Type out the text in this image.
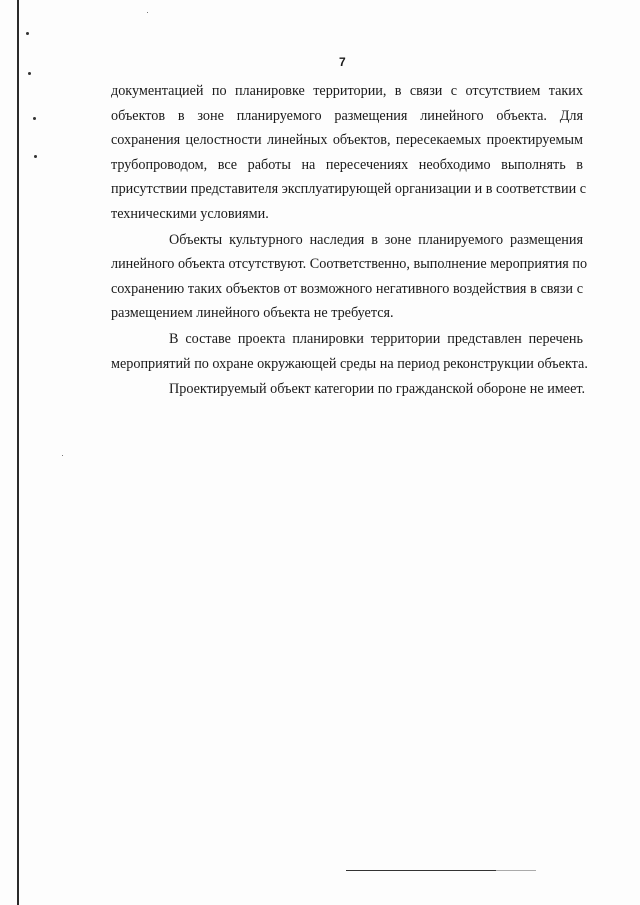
7

документацией по планировке территории, в связи с отсутствием таких
объектов в зоне планируемого размещения линейного объекта. Для
сохранения целостности линейных объектов, пересекаемых проектируемым
трубопроводом, все работы на пересечениях необходимо выполнять в
присутствии представителя эксплуатирующей организации и в соответствии с
техническими условиями.

Объекты культурного наследия в зоне планируемого размещения
линейного объекта отсутствуют. Соответственно, выполнение мероприятия по
сохранению таких объектов от возможного негативного воздействия в связи с
размещением линейного объекта не требуется.

В составе проекта планировки территории представлен перечень
мероприятий по охране окружающей среды на период реконструкции объекта.

Проектируемый объект категории по гражданской обороне не имеет.
